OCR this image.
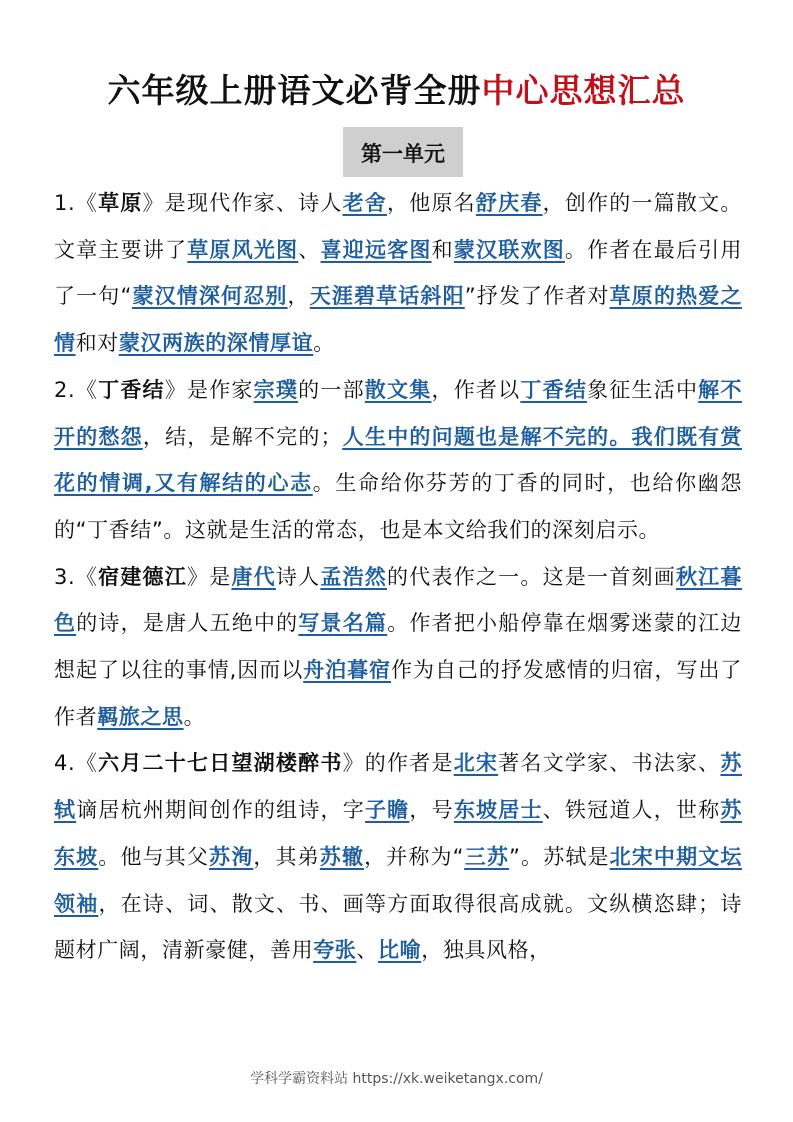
六年级上册语文必背全册中心思想汇总
第一单元

1.《草原》是现代作家、诗人老舍，他原名舒庆春，创作的一篇散文。文章主要讲了草原风光图、喜迎远客图和蒙汉联欢图。作者在最后引用了一句“蒙汉情深何忍别，天涯碧草话斜阳”抒发了作者对草原的热爱之情和对蒙汉两族的深情厚谊。

2.《丁香结》是作家宗璞的一部散文集，作者以丁香结象征生活中解不开的愁怨，结，是解不完的；人生中的问题也是解不完的。我们既有赏花的情调,又有解结的心志。生命给你芬芳的丁香的同时，也给你幽怨的“丁香结”。这就是生活的常态，也是本文给我们的深刻启示。

3.《宿建德江》是唐代诗人孟浩然的代表作之一。这是一首刻画秋江暮色的诗，是唐人五绝中的写景名篇。作者把小船停靠在烟雾迷蒙的江边想起了以往的事情,因而以舟泊暮宿作为自己的抒发感情的归宿，写出了作者羁旅之思。

4.《六月二十七日望湖楼醉书》的作者是北宋著名文学家、书法家、苏轼谪居杭州期间创作的组诗，字子瞻，号东坡居士、铁冠道人，世称苏东坡。他与其父苏洵，其弟苏辙，并称为“三苏”。苏轼是北宋中期文坛领袖，在诗、词、散文、书、画等方面取得很高成就。文纵横恣肆；诗题材广阔，清新豪健，善用夸张、比喻，独具风格，

学科学霸资料站 https://xk.weiketangx.com/
